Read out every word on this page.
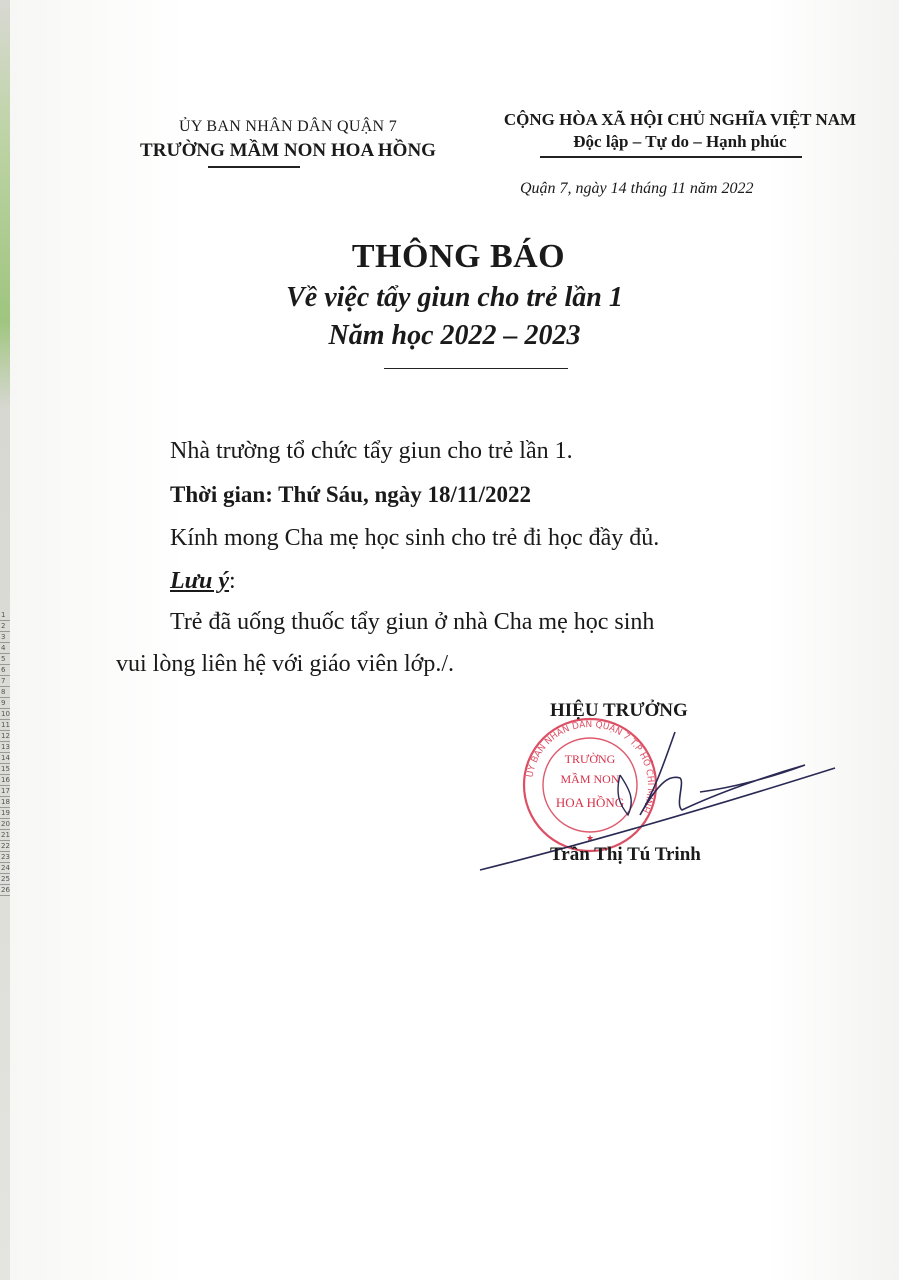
1
2
3
4
5
6
7
8
9
10
11
12
13
14
15
16
17
18
19
20
21
22
23
24
25
26
ỦY BAN NHÂN DÂN QUẬN 7
TRƯỜNG MẦM NON HOA HỒNG
CỘNG HÒA XÃ HỘI CHỦ NGHĨA VIỆT NAM
Độc lập – Tự do – Hạnh phúc
Quận 7, ngày 14 tháng 11 năm 2022
THÔNG BÁO
Về việc tẩy giun cho trẻ lần 1
Năm học 2022 – 2023
Nhà trường tổ chức tẩy giun cho trẻ lần 1.
Thời gian: Thứ Sáu, ngày 18/11/2022
Kính mong Cha mẹ học sinh cho trẻ đi học đầy đủ.
Lưu ý:
Trẻ đã uống thuốc tẩy giun ở nhà Cha mẹ học sinh
vui lòng liên hệ với giáo viên lớp./.
HIỆU TRƯỞNG
UỶ BAN NHÂN DÂN QUẬN 7 T.P HỒ CHÍ MINH
TRƯỜNG
MẦM NON
HOA HỒNG
★
Trần Thị Tú Trinh
